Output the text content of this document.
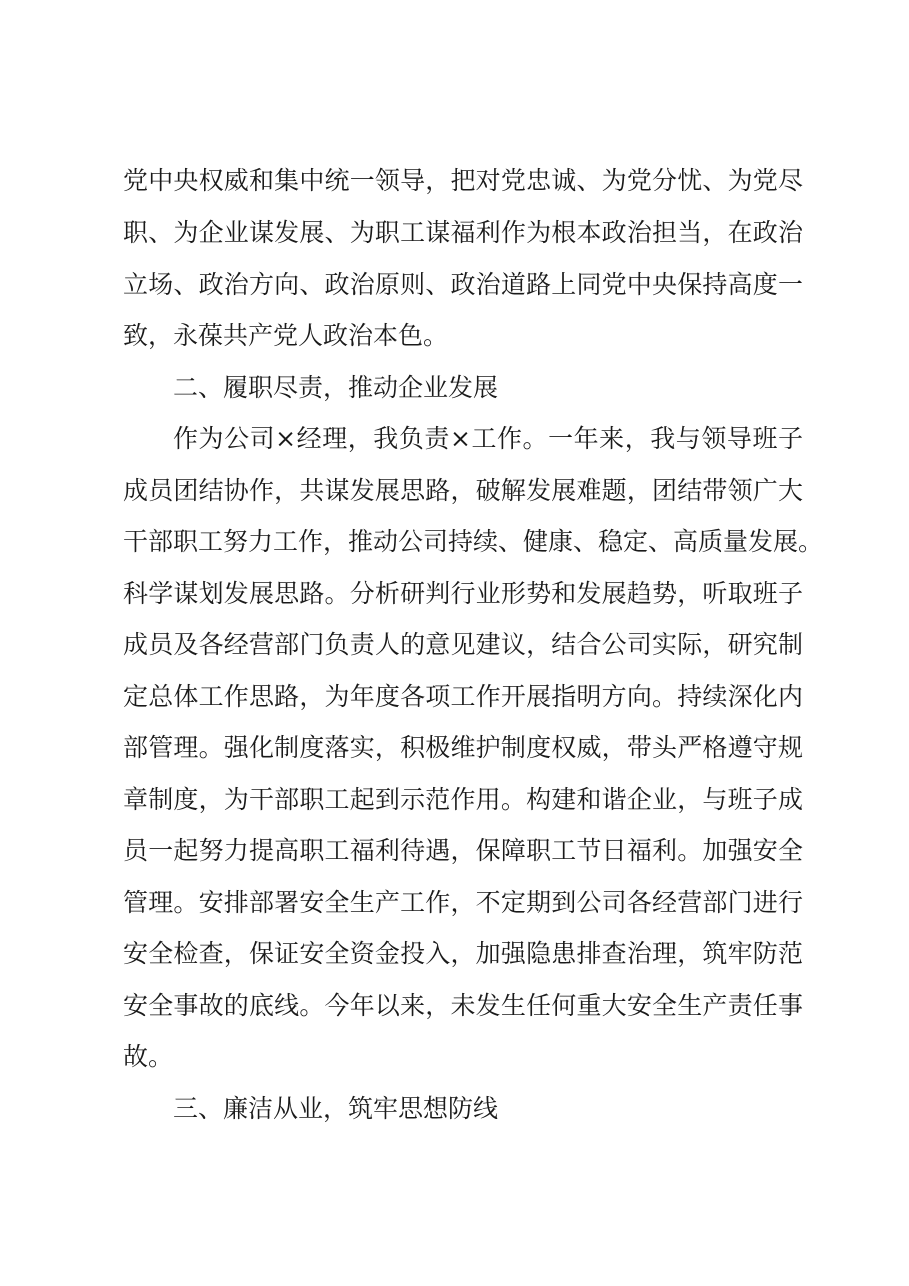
党中央权威和集中统一领导，把对党忠诚、为党分忧、为党尽
职、为企业谋发展、为职工谋福利作为根本政治担当，在政治
立场、政治方向、政治原则、政治道路上同党中央保持高度一
致，永葆共产党人政治本色。
二、履职尽责，推动企业发展
作为公司×经理，我负责×工作。一年来，我与领导班子
成员团结协作，共谋发展思路，破解发展难题，团结带领广大
干部职工努力工作，推动公司持续、健康、稳定、高质量发展。
科学谋划发展思路。分析研判行业形势和发展趋势，听取班子
成员及各经营部门负责人的意见建议，结合公司实际，研究制
定总体工作思路，为年度各项工作开展指明方向。持续深化内
部管理。强化制度落实，积极维护制度权威，带头严格遵守规
章制度，为干部职工起到示范作用。构建和谐企业，与班子成
员一起努力提高职工福利待遇，保障职工节日福利。加强安全
管理。安排部署安全生产工作，不定期到公司各经营部门进行
安全检查，保证安全资金投入，加强隐患排查治理，筑牢防范
安全事故的底线。今年以来，未发生任何重大安全生产责任事
故。
三、廉洁从业，筑牢思想防线
